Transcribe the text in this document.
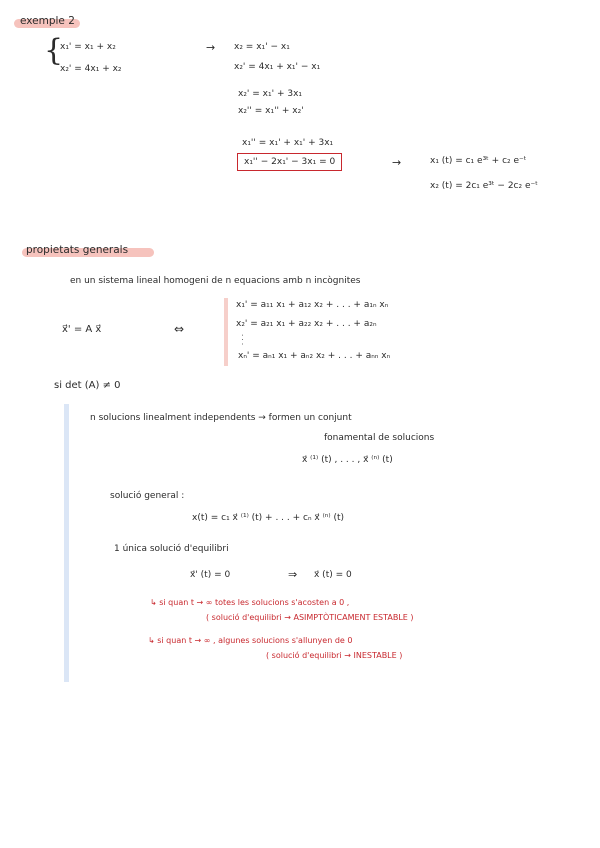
exemple 2
{
x₁' = x₁ + x₂
x₂' = 4x₁ + x₂
→ x₂ = x₁' − x₁
x₂' = 4x₁ + x₁' − x₁
x₂' = x₁' + 3x₁
x₂'' = x₁'' + x₂'
x₁'' = x₁' + x₁' + 3x₁
x₁'' − 2x₁' − 3x₁ = 0	→	x₁ (t) = c₁ e³ᵗ + c₂ e⁻ᵗ
x₂ (t) = 2c₁ e³ᵗ − 2c₂ e⁻ᵗ
propietats generals
en un sistema lineal homogeni de n equacions amb n incògnites
x⃗' = A x⃗	⇔
x₁' = a₁₁ x₁ + a₁₂ x₂ + . . . + a₁ₙ xₙ
x₂' = a₂₁ x₁ + a₂₂ x₂ + . . . + a₂ₙ
. . .
xₙ' = aₙ₁ x₁ + aₙ₂ x₂ + . . . + aₙₙ xₙ
si det (A) ≠ 0
n solucions linealment independents → formen un conjunt
fonamental de solucions
x⃗ ⁽¹⁾ (t) , . . . , x⃗ ⁽ⁿ⁾ (t)
solució general :
x(t) = c₁ x⃗ ⁽¹⁾ (t) + . . . + cₙ x⃗ ⁽ⁿ⁾ (t)
1 única solució d'equilibri
x⃗' (t) = 0	⇒ x⃗ (t) = 0
↳ si quan t → ∞ totes les solucions s'acosten a 0 ,
( solució d'equilibri → ASIMPTÒTICAMENT ESTABLE )
↳ si quan t → ∞ , algunes solucions s'allunyen de 0
( solució d'equilibri → INESTABLE )
